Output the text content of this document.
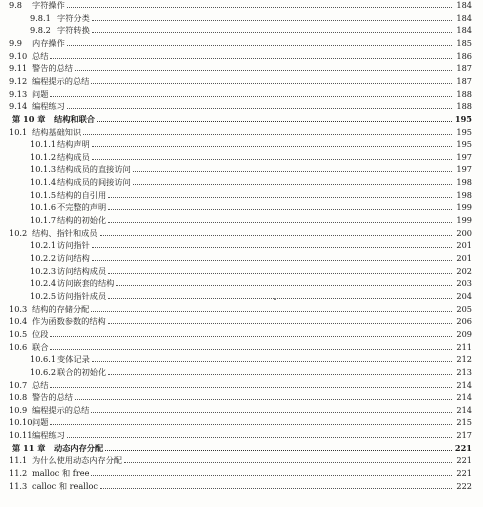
9.8	字符操作	184
9.8.1 字符分类	184
9.8.2 字符转换	184
9.9	内存操作	185
9.10 总结	186
9.11 警告的总结	187
9.12 编程提示的总结	187
9.13 问题	188
9.14 编程练习	188
第 10 章	结构和联合	195
10.1 结构基础知识	195
10.1.1 结构声明	195
10.1.2 结构成员	197
10.1.3 结构成员的直接访问	197
10.1.4 结构成员的间接访问	198
10.1.5 结构的自引用	198
10.1.6 不完整的声明	199
10.1.7 结构的初始化	199
10.2 结构、指针和成员	200
10.2.1 访问指针	201
10.2.2 访问结构	201
10.2.3 访问结构成员	202
10.2.4 访问嵌套的结构	203
10.2.5 访问指针成员	204
10.3 结构的存储分配	205
10.4 作为函数参数的结构	206
10.5 位段	209
10.6 联合	211
10.6.1 变体记录	212
10.6.2 联合的初始化	213
10.7 总结	214
10.8 警告的总结	214
10.9 编程提示的总结	214
10.10 问题	215
10.11 编程练习	217
第 11 章	动态内存分配	221
11.1 为什么使用动态内存分配	221
11.2 malloc 和 free	221
11.3 calloc 和 realloc	222
